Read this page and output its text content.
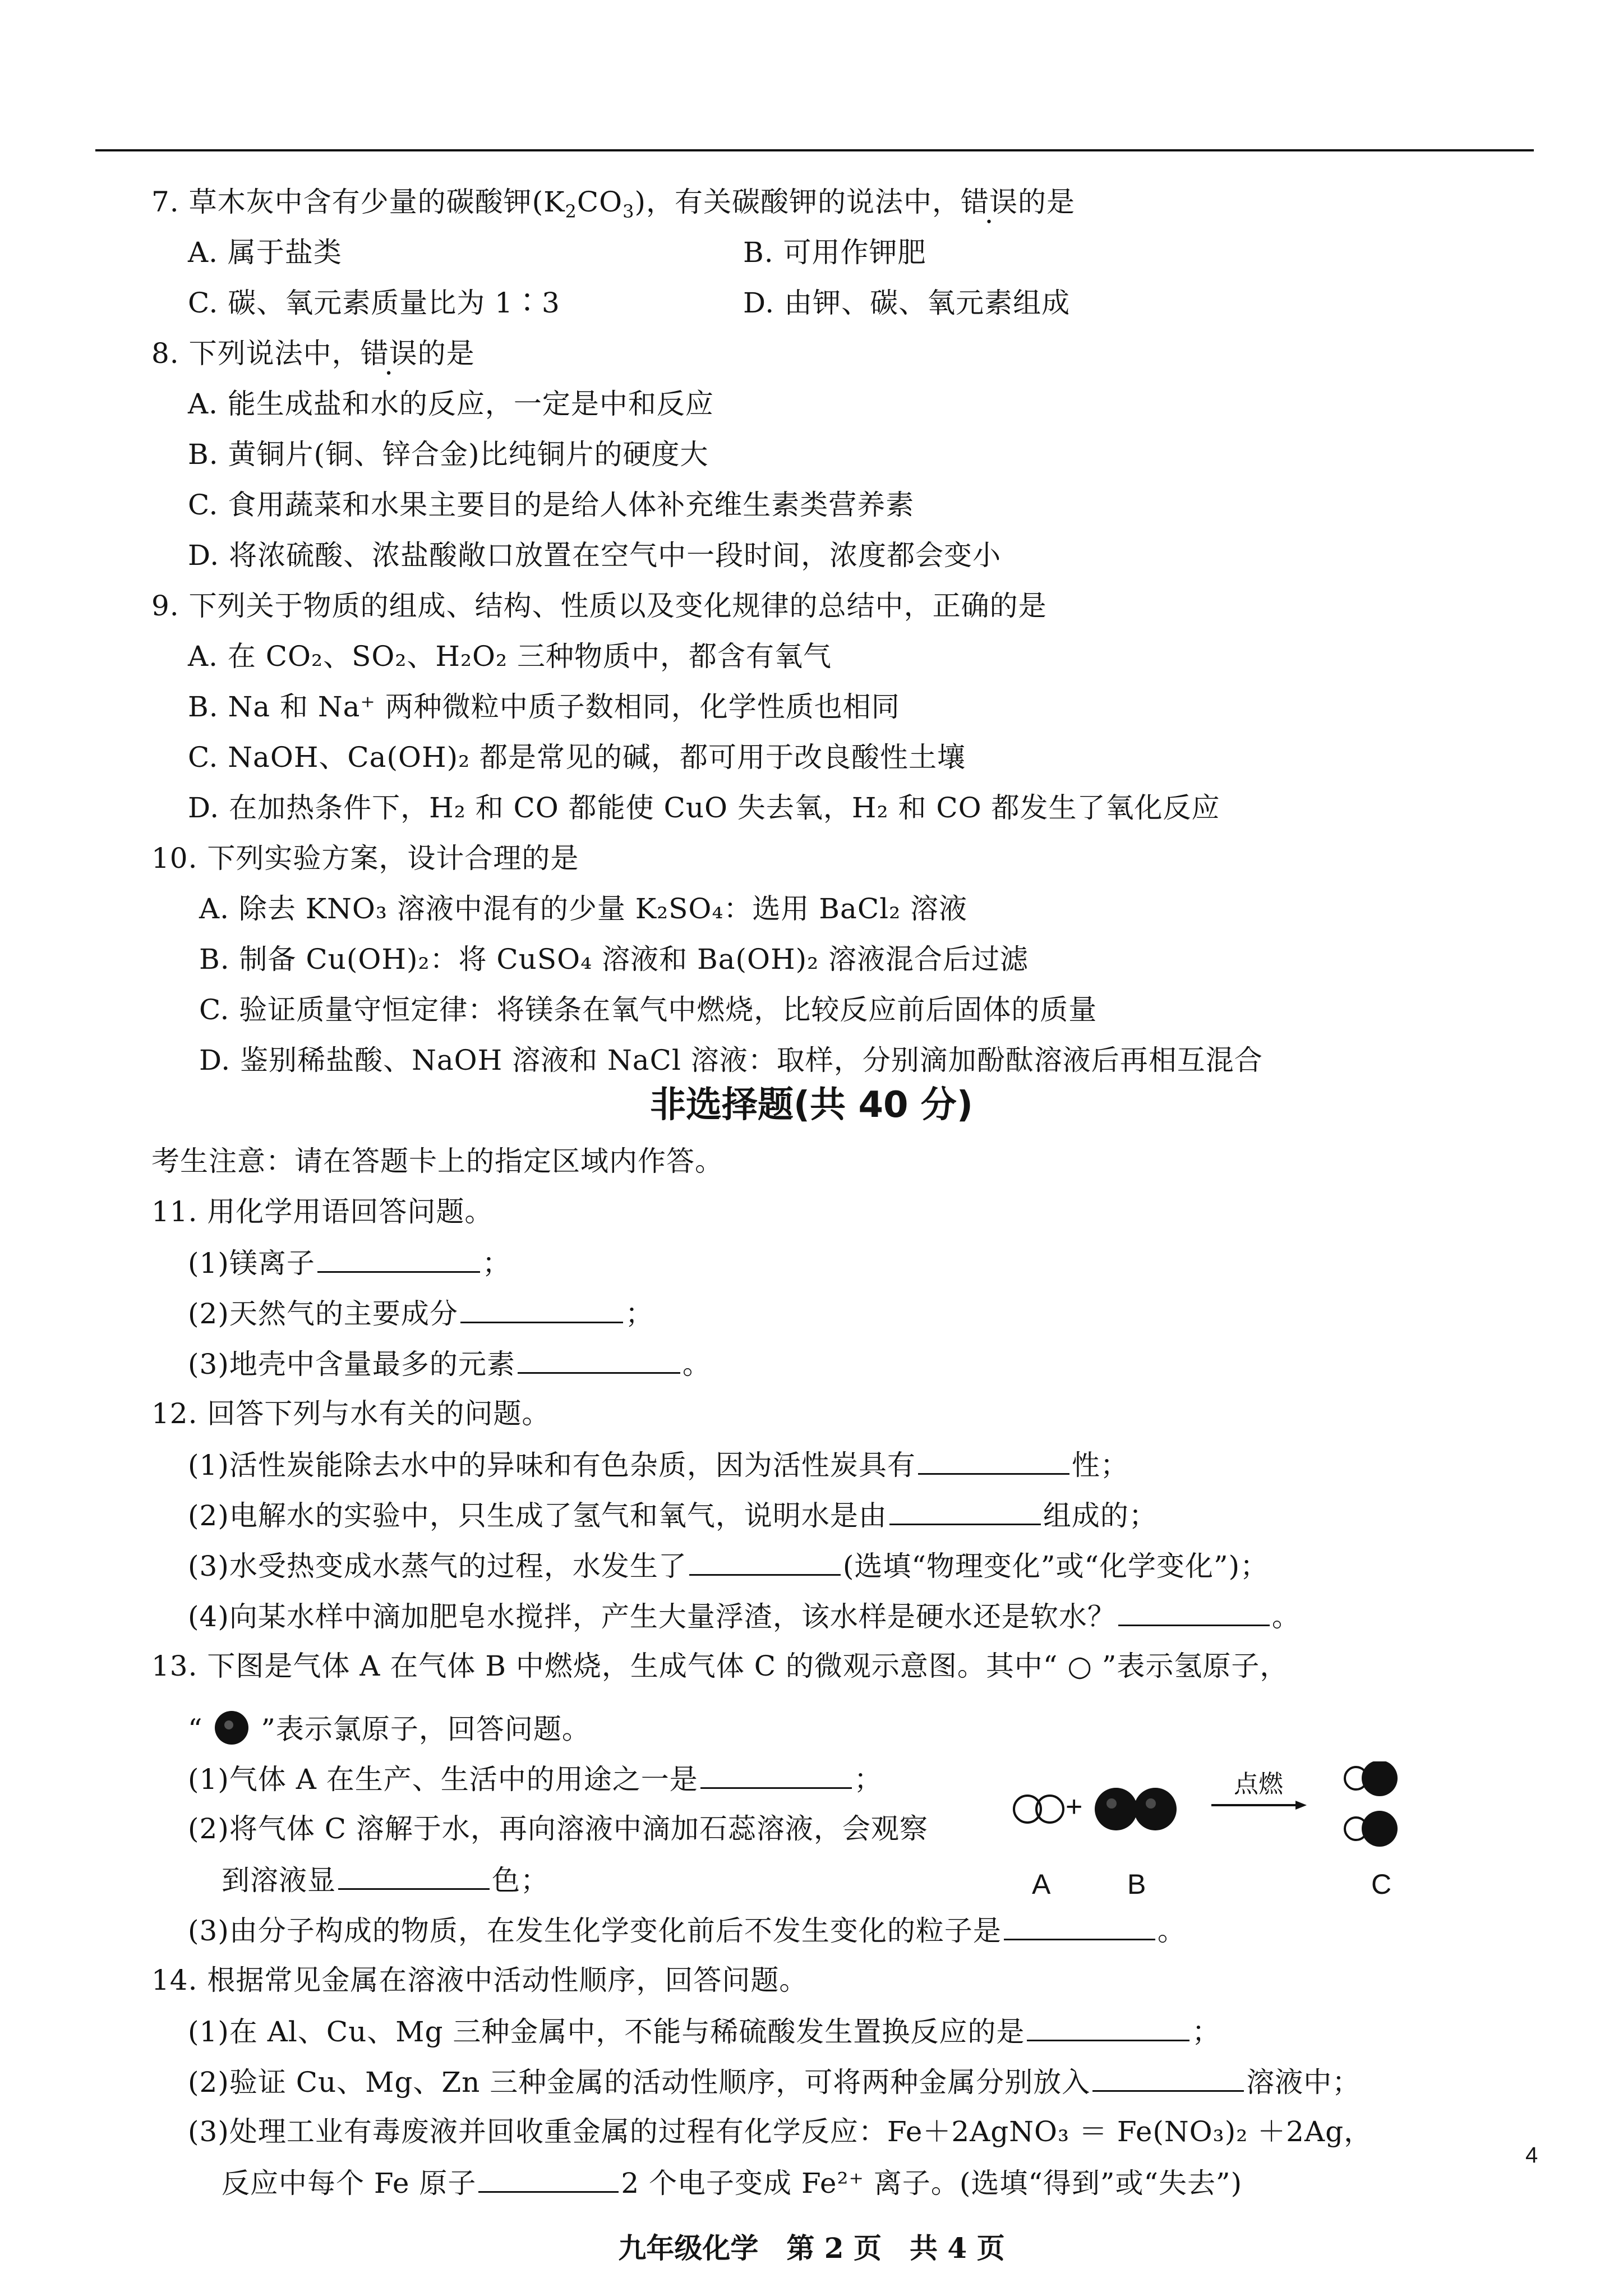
7. 草木灰中含有少量的碳酸钾$(K_2CO_3)$，有关碳酸钾的说法中，错误的是
A. 属于盐类	B. 可用作钾肥
C. 碳、氧元素质量比为 1∶3	D. 由钾、碳、氧元素组成
8. 下列说法中，错误的是
A. 能生成盐和水的反应，一定是中和反应
B. 黄铜片(铜、锌合金)比纯铜片的硬度大
C. 食用蔬菜和水果主要目的是给人体补充维生素类营养素
D. 将浓硫酸、浓盐酸敞口放置在空气中一段时间，浓度都会变小
9. 下列关于物质的组成、结构、性质以及变化规律的总结中，正确的是
A. 在 CO₂、SO₂、H₂O₂ 三种物质中，都含有氧气
B. Na 和 Na⁺ 两种微粒中质子数相同，化学性质也相同
C. NaOH、Ca(OH)₂ 都是常见的碱，都可用于改良酸性土壤
D. 在加热条件下，H₂ 和 CO 都能使 CuO 失去氧，H₂ 和 CO 都发生了氧化反应
10. 下列实验方案，设计合理的是
A. 除去 KNO₃ 溶液中混有的少量 K₂SO₄：选用 BaCl₂ 溶液
B. 制备 Cu(OH)₂：将 CuSO₄ 溶液和 Ba(OH)₂ 溶液混合后过滤
C. 验证质量守恒定律：将镁条在氧气中燃烧，比较反应前后固体的质量
D. 鉴别稀盐酸、NaOH 溶液和 NaCl 溶液：取样，分别滴加酚酞溶液后再相互混合
非选择题(共 40 分)
考生注意：请在答题卡上的指定区域内作答。
11. 用化学用语回答问题。
(1)镁离子	；
(2)天然气的主要成分	；
(3)地壳中含量最多的元素	。
12. 回答下列与水有关的问题。
(1)活性炭能除去水中的异味和有色杂质，因为活性炭具有	性；
(2)电解水的实验中，只生成了氢气和氧气，说明水是由	组成的；
(3)水受热变成水蒸气的过程，水发生了	(选填“物理变化”或“化学变化”)；
(4)向某水样中滴加肥皂水搅拌，产生大量浮渣，该水样是硬水还是软水？	。
13. 下图是气体 A 在气体 B 中燃烧，生成气体 C 的微观示意图。其中“ ○ ”表示氢原子，
“ ”表示氯原子，回答问题。
(1)气体 A 在生产、生活中的用途之一是	；
(2)将气体 C 溶解于水，再向溶液中滴加石蕊溶液，会观察
到溶液显	色；
(3)由分子构成的物质，在发生化学变化前后不发生变化的粒子是	。
+
点燃
A	B	C
14. 根据常见金属在溶液中活动性顺序，回答问题。
(1)在 Al、Cu、Mg 三种金属中，不能与稀硫酸发生置换反应的是	；
(2)验证 Cu、Mg、Zn 三种金属的活动性顺序，可将两种金属分别放入	溶液中；
(3)处理工业有毒废液并回收重金属的过程有化学反应：Fe＋2AgNO₃ ＝ Fe(NO₃)₂ ＋2Ag，
反应中每个 Fe 原子	2 个电子变成 Fe²⁺ 离子。(选填“得到”或“失去”)
4
九年级化学　第 2 页　共 4 页
